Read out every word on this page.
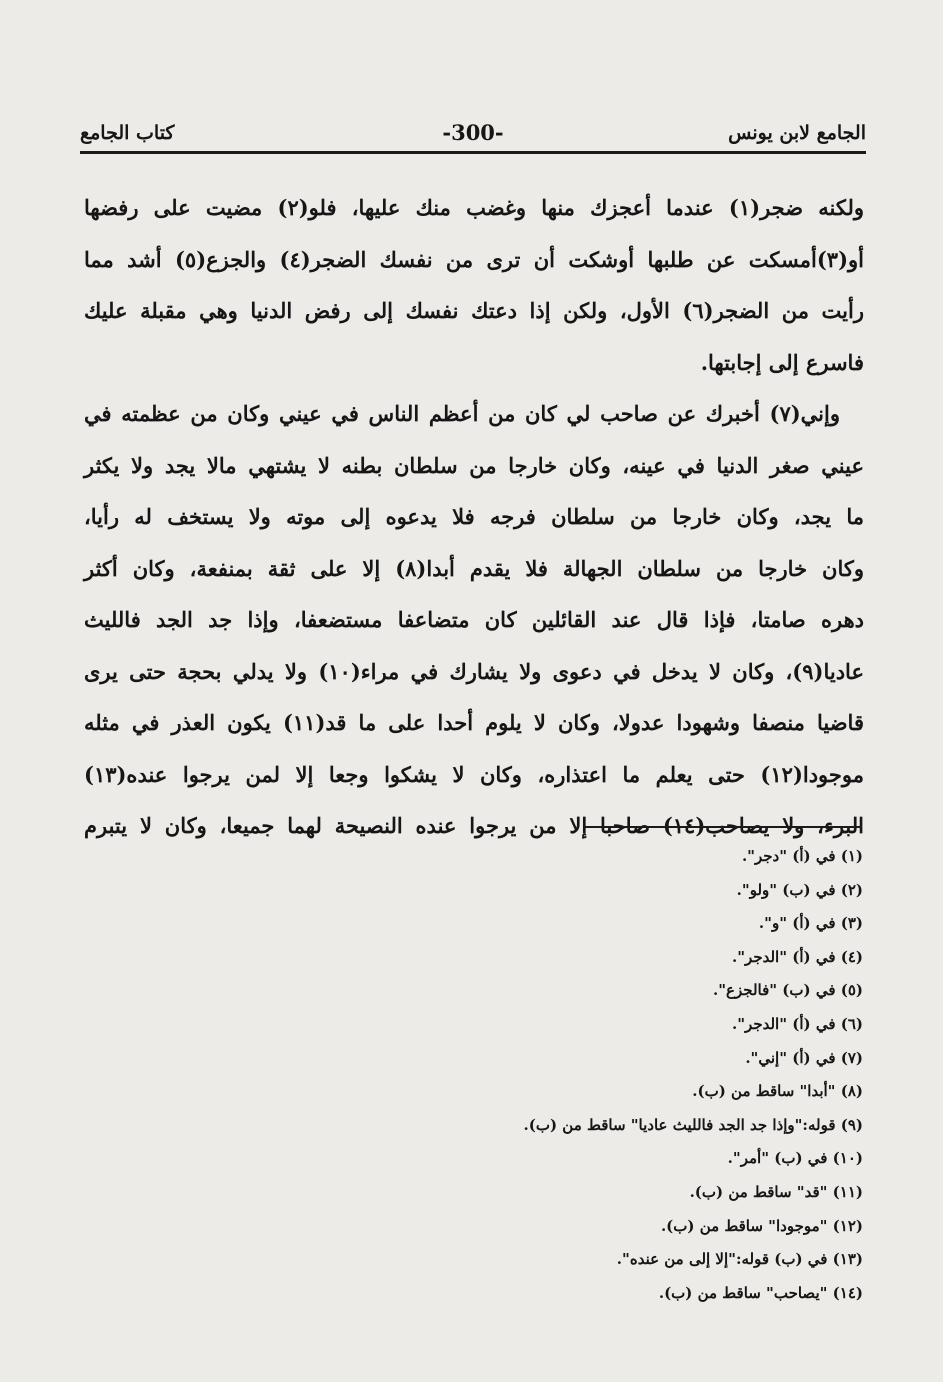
الجامع لابن يونس
-300-
كتاب الجامع
ولكنه ضجر(١) عندما أعجزك منها وغضب منك عليها، فلو(٢) مضيت على رفضها
أو(٣)أمسكت عن طلبها أوشكت أن ترى من نفسك الضجر(٤) والجزع(٥) أشد مما
رأيت من الضجر(٦) الأول، ولكن إذا دعتك نفسك إلى رفض الدنيا وهي مقبلة عليك
فاسرع إلى إجابتها.
وإني(٧) أخبرك عن صاحب لي كان من أعظم الناس في عيني وكان من عظمته في
عيني صغر الدنيا في عينه، وكان خارجا من سلطان بطنه لا يشتهي مالا يجد ولا يكثر
ما يجد، وكان خارجا من سلطان فرجه فلا يدعوه إلى موته ولا يستخف له رأيا،
وكان خارجا من سلطان الجهالة فلا يقدم أبدا(٨) إلا على ثقة بمنفعة، وكان أكثر
دهره صامتا، فإذا قال عند القائلين كان متضاعفا مستضعفا، وإذا جد الجد فالليث
عاديا(٩)، وكان لا يدخل في دعوى ولا يشارك في مراء(١٠) ولا يدلي بحجة حتى يرى
قاضيا منصفا وشهودا عدولا، وكان لا يلوم أحدا على ما قد(١١) يكون العذر في مثله
موجودا(١٢) حتى يعلم ما اعتذاره، وكان لا يشكوا وجعا إلا لمن يرجوا عنده(١٣)
البرء، ولا يصاحب(١٤) صاحبا إلا من يرجوا عنده النصيحة لهما جميعا، وكان لا يتبرم
(١) في (أ) "دجر".
(٢) في (ب) "ولو".
(٣) في (أ) "و".
(٤) في (أ) "الدجر".
(٥) في (ب) "فالجزع".
(٦) في (أ) "الدجر".
(٧) في (أ) "إني".
(٨) "أبدا" ساقط من (ب).
(٩) قوله:"وإذا جد الجد فالليث عاديا" ساقط من (ب).
(١٠) في (ب) "أمر".
(١١) "قد" ساقط من (ب).
(١٢) "موجودا" ساقط من (ب).
(١٣) في (ب) قوله:"إلا إلى من عنده".
(١٤) "يصاحب" ساقط من (ب).
